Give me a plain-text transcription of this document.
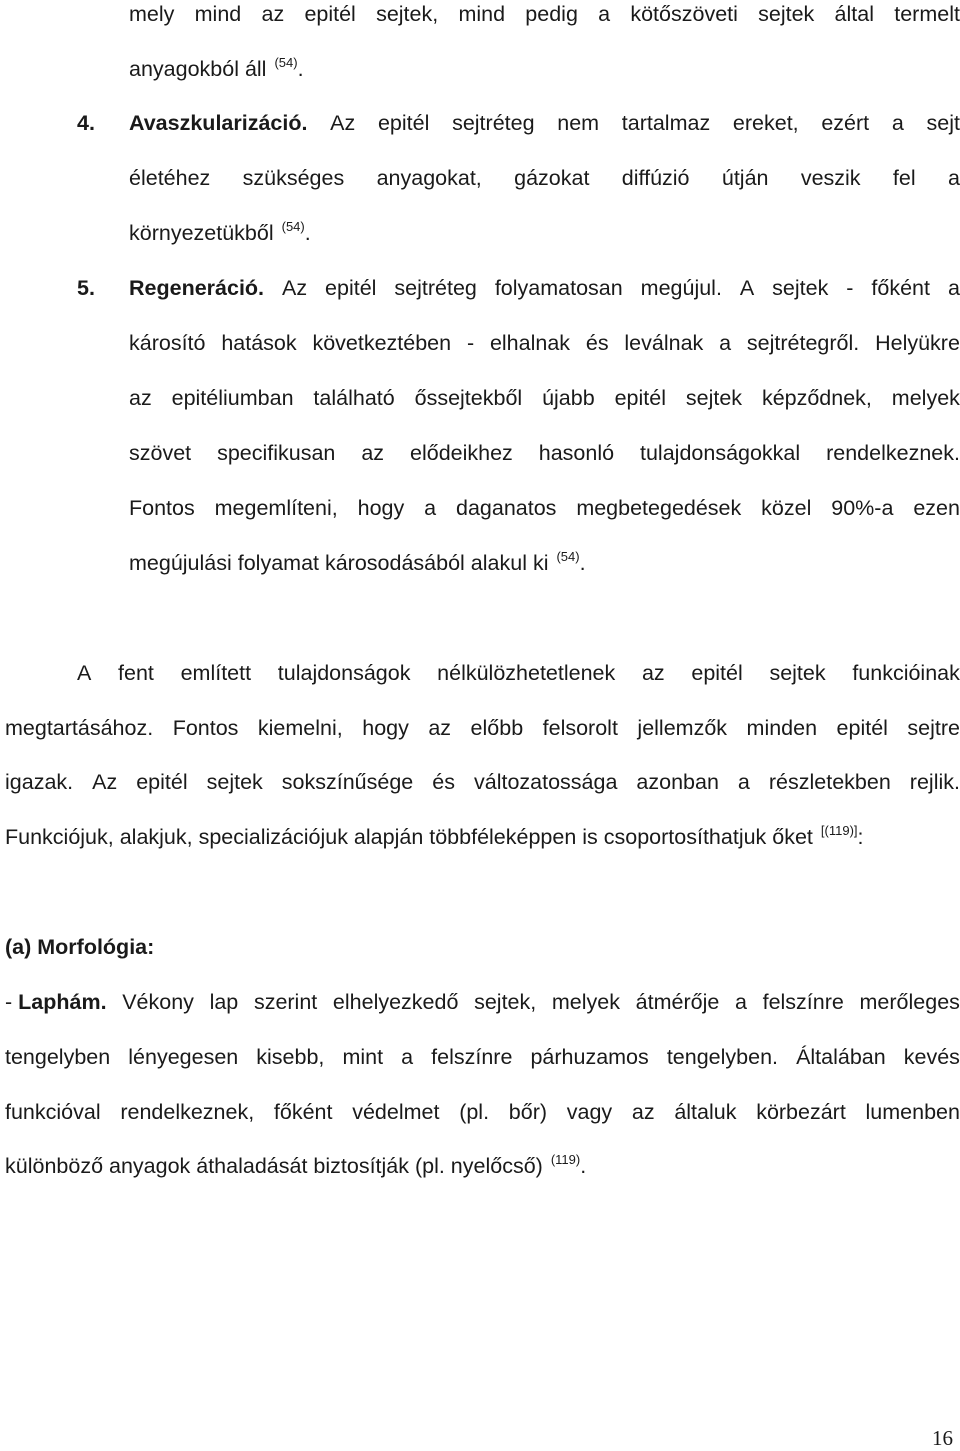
mely mind az epitél sejtek, mind pedig a kötőszöveti sejtek által termelt
anyagokból áll $^{(54)}$.
4. Avaszkularizáció. Az epitél sejtréteg nem tartalmaz ereket, ezért a sejt
életéhez szükséges anyagokat, gázokat diffúzió útján veszik fel a
környezetükből $^{(54)}$.
5. Regeneráció. Az epitél sejtréteg folyamatosan megújul. A sejtek - főként a
károsító hatások következtében - elhalnak és leválnak a sejtrétegről. Helyükre
az epitéliumban található őssejtekből újabb epitél sejtek képződnek, melyek
szövet specifikusan az elődeikhez hasonló tulajdonságokkal rendelkeznek.
Fontos megemlíteni, hogy a daganatos megbetegedések közel 90%-a ezen
megújulási folyamat károsodásából alakul ki $^{(54)}$.
A fent említett tulajdonságok nélkülözhetetlenek az epitél sejtek funkcióinak
megtartásához. Fontos kiemelni, hogy az előbb felsorolt jellemzők minden epitél sejtre
igazak. Az epitél sejtek sokszínűsége és változatossága azonban a részletekben rejlik.
Funkciójuk, alakjuk, specializációjuk alapján többféleképpen is csoportosíthatjuk őket [(119)]:
(a) Morfológia:
- Laphám. Vékony lap szerint elhelyezkedő sejtek, melyek átmérője a felszínre merőleges
tengelyben lényegesen kisebb, mint a felszínre párhuzamos tengelyben. Általában kevés
funkcióval rendelkeznek, főként védelmet (pl. bőr) vagy az általuk körbezárt lumenben
különböző anyagok áthaladását biztosítják (pl. nyelőcső) $^{(119)}$.
16
